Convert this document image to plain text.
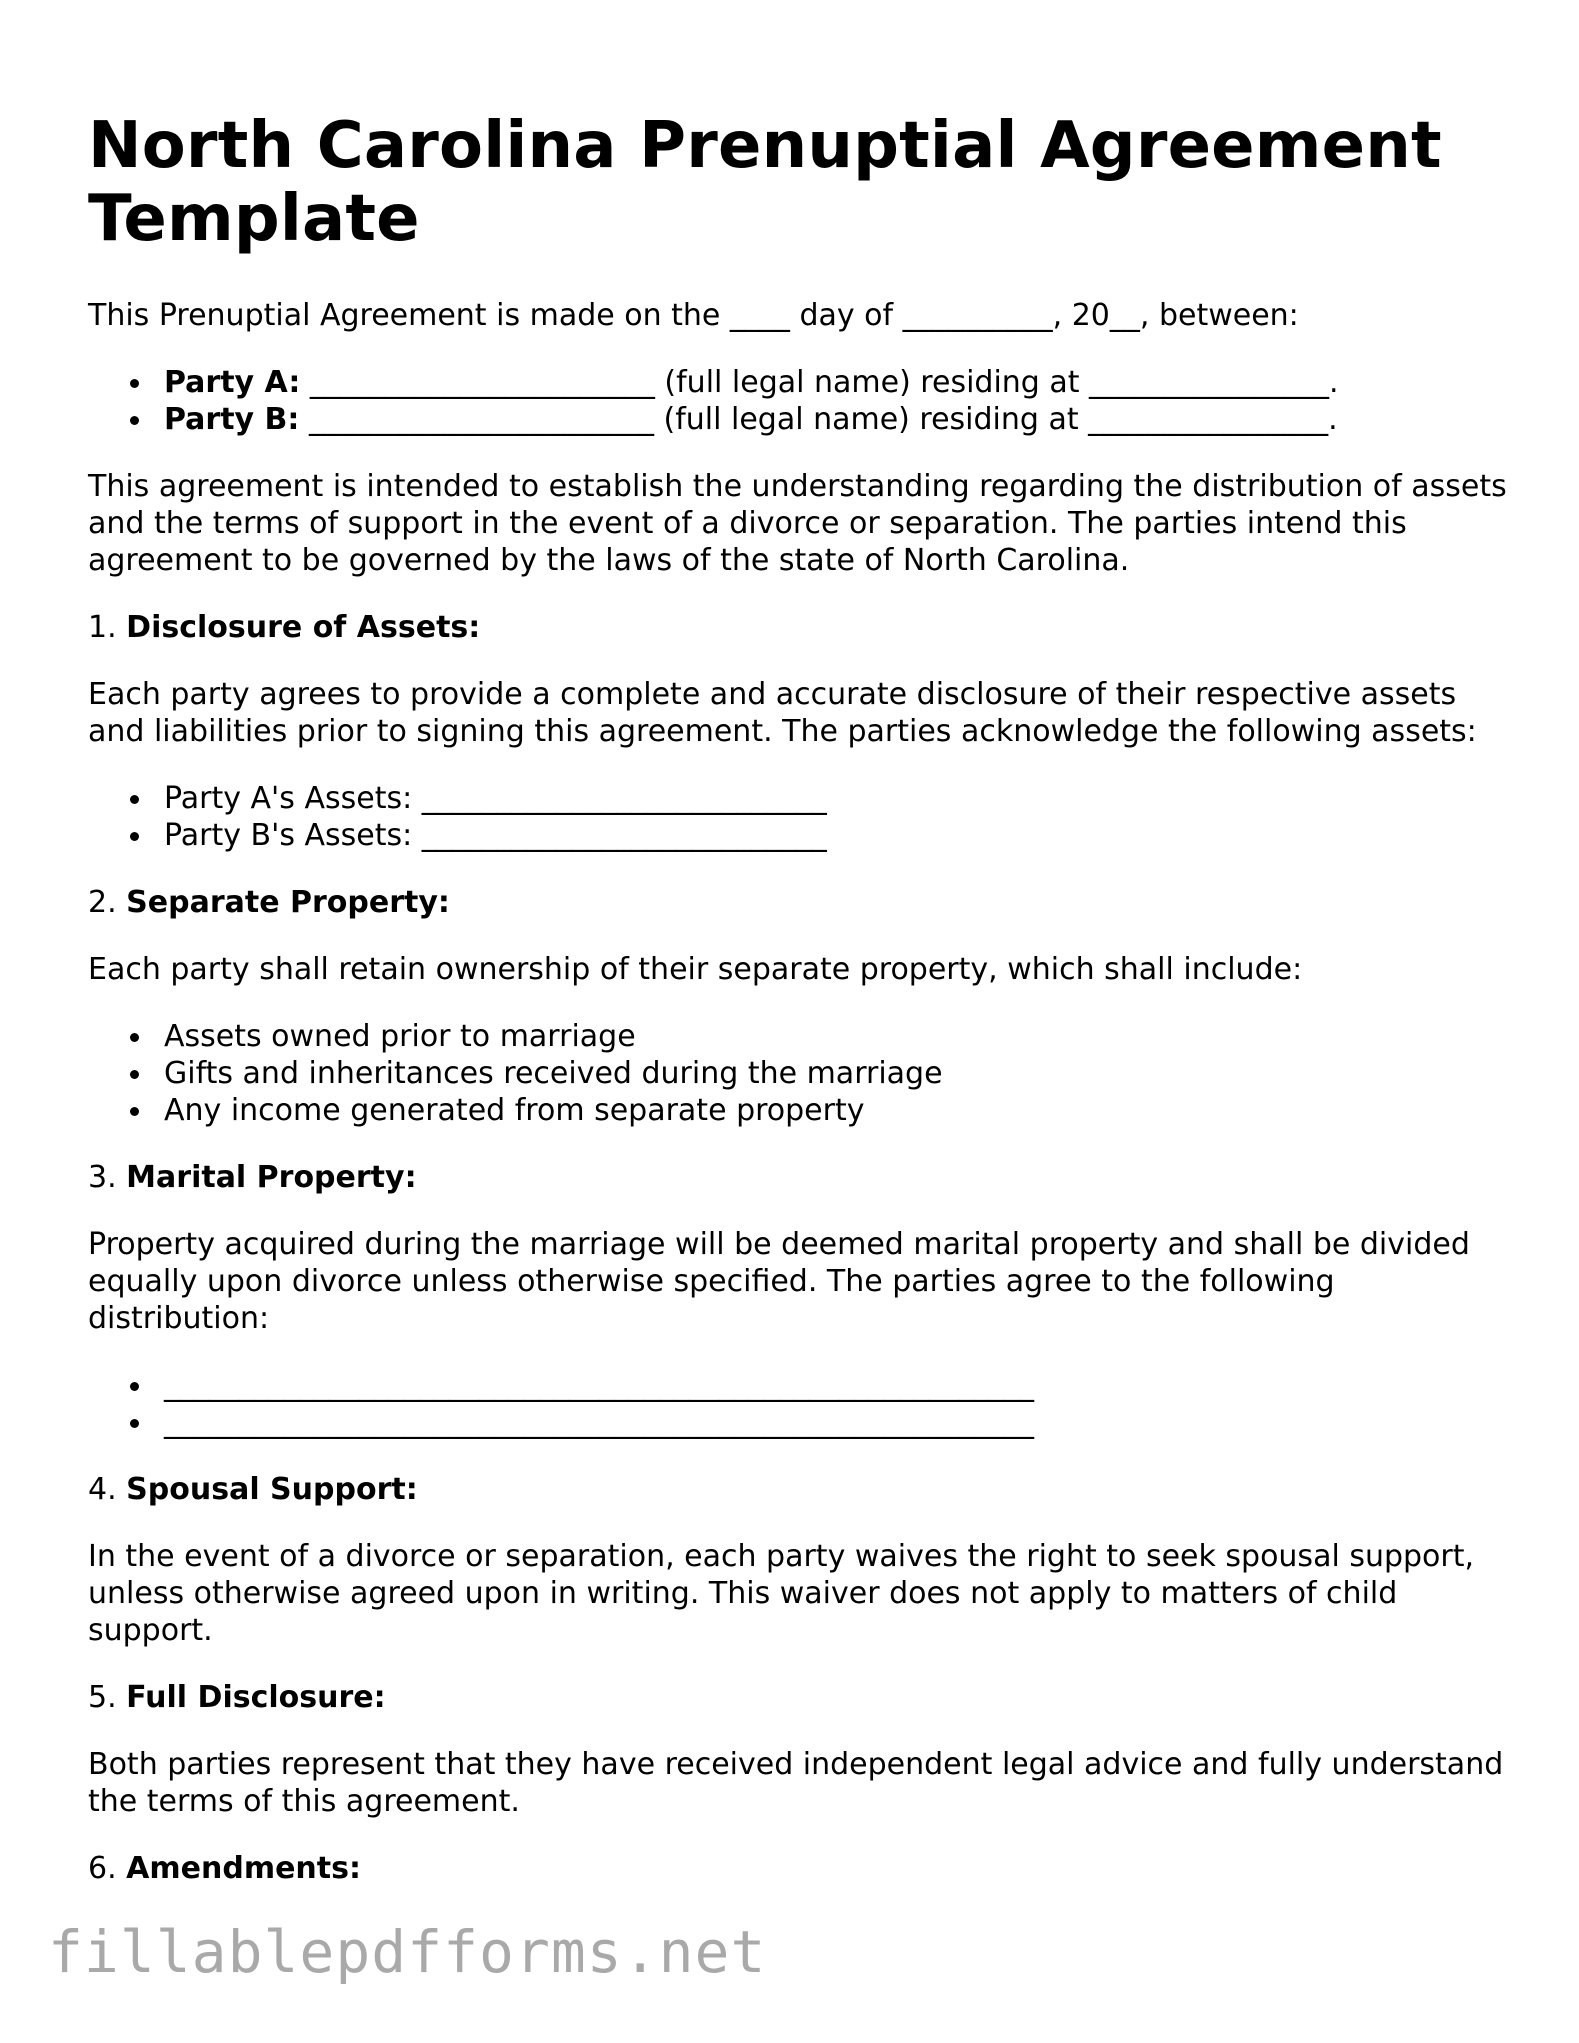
North Carolina Prenuptial Agreement Template

This Prenuptial Agreement is made on the ____ day of __________, 20__, between:

Party A: _______________________ (full legal name) residing at ________________.
Party B: _______________________ (full legal name) residing at ________________.

This agreement is intended to establish the understanding regarding the distribution of assets and the terms of support in the event of a divorce or separation. The parties intend this agreement to be governed by the laws of the state of North Carolina.

1. Disclosure of Assets:

Each party agrees to provide a complete and accurate disclosure of their respective assets and liabilities prior to signing this agreement. The parties acknowledge the following assets:

Party A's Assets: ___________________________
Party B's Assets: ___________________________
2. Separate Property:

Each party shall retain ownership of their separate property, which shall include:

Assets owned prior to marriage
Gifts and inheritances received during the marriage
Any income generated from separate property
3. Marital Property:

Property acquired during the marriage will be deemed marital property and shall be divided equally upon divorce unless otherwise specified. The parties agree to the following distribution:

__________________________________________________________
__________________________________________________________
4. Spousal Support:

In the event of a divorce or separation, each party waives the right to seek spousal support, unless otherwise agreed upon in writing. This waiver does not apply to matters of child support.

5. Full Disclosure:

Both parties represent that they have received independent legal advice and fully understand the terms of this agreement.

6. Amendments:
fillablepdfforms.net
